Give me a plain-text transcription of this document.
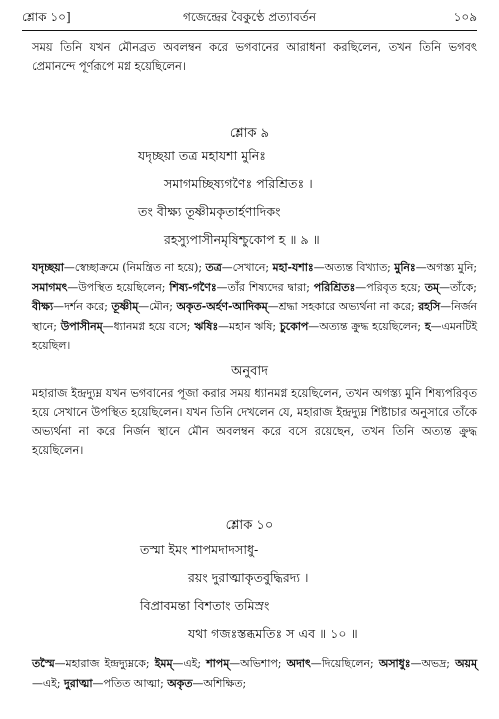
শ্লোক ১০]	গজেন্দ্রের বৈকুণ্ঠে প্রত্যাবর্তন	১০৯
সময় তিনি যখন মৌনব্রত অবলম্বন করে ভগবানের আরাধনা করছিলেন, তখন তিনি ভগবৎ প্রেমানন্দে পূর্ণরূপে মগ্ন হয়েছিলেন।
শ্লোক ৯
যদৃচ্ছয়া তত্র মহাযশা মুনিঃ
সমাগমচ্ছিষ্যগণৈঃ পরিশ্রিতঃ ।
তং বীক্ষ্য তূষ্ণীমকৃতার্হণাদিকং
রহস্যুপাসীনমৃষিশ্চুকোপ হ ॥ ৯ ॥
যদৃচ্ছয়া—স্বেচ্ছাক্রমে (নিমন্ত্রিত না হয়ে); তত্র—সেখানে; মহা-যশাঃ—অত্যন্ত বিখ্যাত; মুনিঃ—অগস্ত্য মুনি; সমাগমৎ—উপস্থিত হয়েছিলেন; শিষ্য-গণৈঃ—তাঁর শিষ্যদের দ্বারা; পরিশ্রিতঃ—পরিবৃত হয়ে; তম্—তাঁকে; বীক্ষ্য—দর্শন করে; তূষ্ণীম্—মৌন; অকৃত-অর্হণ-আদিকম্—শ্রদ্ধা সহকারে অভ্যর্থনা না করে; রহসি—নির্জন স্থানে; উপাসীনম্—ধ্যানমগ্ন হয়ে বসে; ঋষিঃ—মহান ঋষি; চুকোপ—অত্যন্ত ক্রুদ্ধ হয়েছিলেন; হ—এমনটিই হয়েছিল।
অনুবাদ
মহারাজ ইন্দ্রদ্যুম্ন যখন ভগবানের পূজা করার সময় ধ্যানমগ্ন হয়েছিলেন, তখন অগস্ত্য মুনি শিষ্যপরিবৃত হয়ে সেখানে উপস্থিত হয়েছিলেন। যখন তিনি দেখলেন যে, মহারাজ ইন্দ্রদ্যুম্ন শিষ্টাচার অনুসারে তাঁকে অভ্যর্থনা না করে নির্জন স্থানে মৌন অবলম্বন করে বসে রয়েছেন, তখন তিনি অত্যন্ত ক্রুদ্ধ হয়েছিলেন।
শ্লোক ১০
তস্মা ইমং শাপমদাদসাধু-
রয়ং দুরাত্মাকৃতবুদ্ধিরদ্য ।
বিপ্রাবমন্তা বিশতাং তমিস্রং
যথা গজঃস্তব্ধমতিঃ স এব ॥ ১০ ॥
তস্মৈ—মহারাজ ইন্দ্রদ্যুম্নকে; ইমম্—এই; শাপম্—অভিশাপ; অদাৎ—দিয়েছিলেন; অসাধুঃ—অভদ্র; অয়ম্—এই; দুরাত্মা—পতিত আত্মা; অকৃত—অশিক্ষিত;
